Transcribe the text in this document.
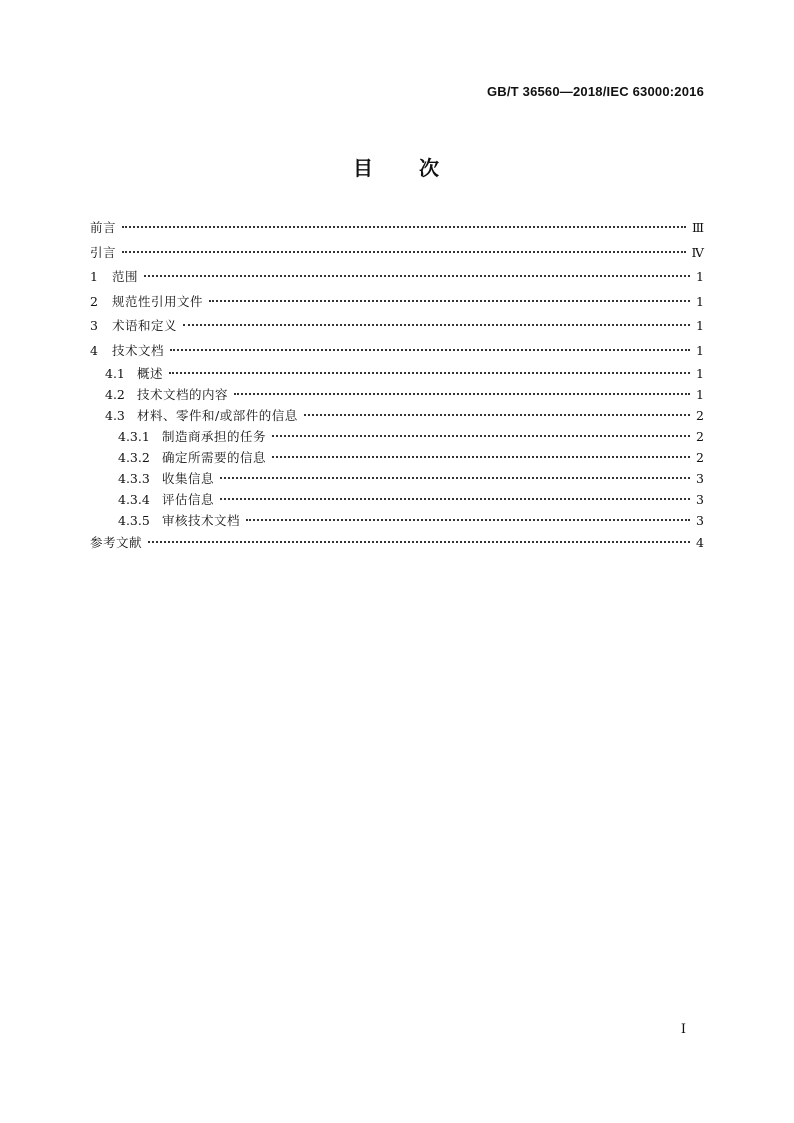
GB/T 36560—2018/IEC 63000:2016
目 次
前言	Ⅲ
引言	Ⅳ
1	范围	1
2	规范性引用文件	1
3	术语和定义	1
4	技术文档	1
4.1 概述	1
4.2 技术文档的内容	1
4.3 材料、零件和/或部件的信息	2
4.3.1 制造商承担的任务	2
4.3.2 确定所需要的信息	2
4.3.3 收集信息	3
4.3.4 评估信息	3
4.3.5 审核技术文档	3
参考文献	4
I
